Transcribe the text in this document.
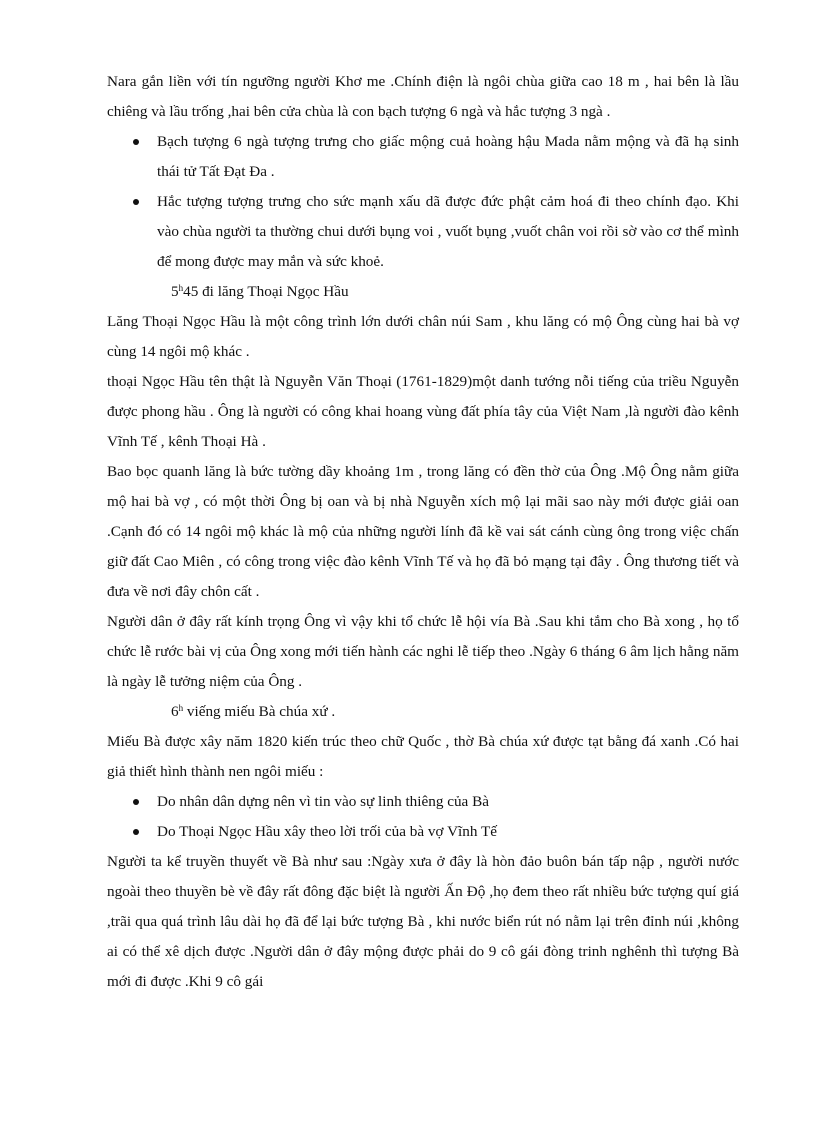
Nara gắn liền với tín ngưỡng người Khơ me .Chính điện là ngôi chùa giữa cao 18 m , hai bên là lầu chiêng và lầu trống ,hai bên cửa chùa là con bạch tượng 6 ngà và hắc tượng 3 ngà .

Bạch tượng 6 ngà tượng trưng cho giấc mộng cuả hoàng hậu Mada nằm mộng và đã hạ sinh thái tử Tất Đạt Đa .
Hắc tượng tượng trưng cho sức mạnh xấu dã được đức phật cảm hoá đi theo chính đạo. Khi vào chùa người ta thường chui dưới bụng voi , vuốt bụng ,vuốt chân voi rồi sờ vào cơ thể mình để mong được may mắn và sức khoẻ.

5$^h$45 đi lăng Thoại Ngọc Hầu

Lăng Thoại Ngọc Hầu là một công trình lớn dưới chân núi Sam , khu lăng có mộ Ông cùng hai bà vợ cùng 14 ngôi mộ khác .

thoại Ngọc Hầu tên thật là Nguyễn Văn Thoại (1761-1829)một danh tướng nỗi tiếng của triều Nguyễn được phong hầu . Ông là người có công khai hoang vùng đất phía tây của Việt Nam ,là người đào kênh Vĩnh Tế , kênh Thoại Hà .

Bao bọc quanh lăng là bức tường dầy khoảng 1m , trong lăng có đền thờ của Ông .Mộ Ông nằm giữa mộ hai bà vợ , có một thời Ông bị oan và bị nhà Nguyễn xích mộ lại mãi sao này mới được giải oan .Cạnh đó có 14 ngôi mộ khác là mộ của những người lính đã kề vai sát cánh cùng ông trong việc chấn giữ đất Cao Miên , có công trong việc đào kênh Vĩnh Tế và họ đã bỏ mạng tại đây . Ông thương tiết và đưa về nơi đây chôn cất .

Người dân ở đây rất kính trọng Ông vì vậy khi tổ chức lễ hội vía Bà .Sau khi tắm cho Bà xong , họ tổ chức lễ rước bài vị của Ông xong mới tiến hành các nghi lễ tiếp theo .Ngày 6 tháng 6 âm lịch hằng năm là ngày lễ tưởng niệm của Ông .

6$^h$ viếng miếu Bà chúa xứ .

Miếu Bà được xây năm 1820 kiến trúc theo chữ Quốc , thờ Bà chúa xứ được tạt bằng đá xanh .Có hai giả thiết hình thành nen ngôi miếu :

Do nhân dân dựng nên vì tin vào sự linh thiêng của Bà
Do Thoại Ngọc Hầu xây theo lời trối của bà vợ Vĩnh Tế

Người ta kể truyền thuyết về Bà như sau :Ngày xưa ở đây là hòn đảo buôn bán tấp nập , người nước ngoài theo thuyền bè về đây rất đông đặc biệt là người Ấn Độ ,họ đem theo rất nhiều bức tượng quí giá ,trãi qua quá trình lâu dài họ đã để lại bức tượng Bà , khi nước biển rút nó nằm lại trên đỉnh núi ,không ai có thể xê dịch được .Người dân ở đây mộng được phải do 9 cô gái đòng trinh nghênh thì tượng Bà mới đi được .Khi 9 cô gái
